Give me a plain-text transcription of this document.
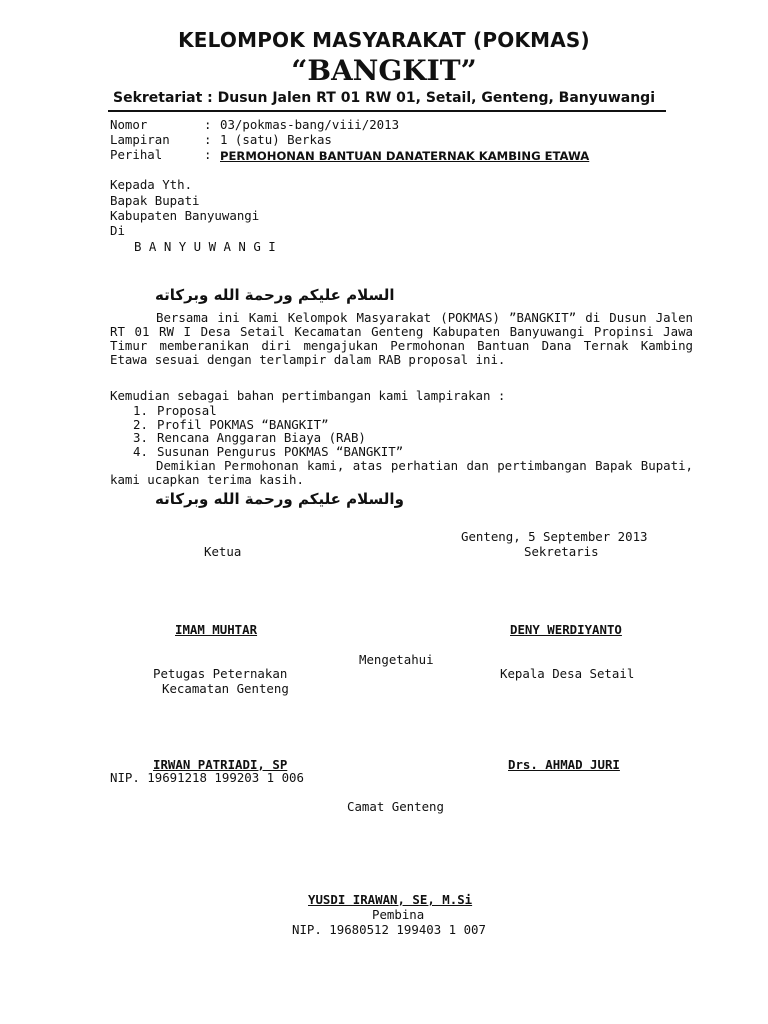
KELOMPOK MASYARAKAT (POKMAS)
“BANGKIT”
Sekretariat : Dusun Jalen RT 01 RW 01, Setail, Genteng, Banyuwangi
Nomor	: 03/pokmas-bang/viii/2013
Lampiran	: 1 (satu) Berkas
Perihal	: PERMOHONAN BANTUAN DANATERNAK KAMBING ETAWA
Kepada Yth.
Bapak Bupati
Kabupaten Banyuwangi
Di
B A N Y U W A N G I
السلام عليكم ورحمة الله وبركاته

Bersama ini Kami Kelompok Masyarakat (POKMAS) ”BANGKIT” di Dusun Jalen RT 01 RW I Desa Setail Kecamatan Genteng Kabupaten Banyuwangi Propinsi Jawa Timur memberanikan diri mengajukan Permohonan Bantuan Dana Ternak Kambing Etawa sesuai dengan terlampir dalam RAB proposal ini.

Kemudian sebagai bahan pertimbangan kami lampirakan :
1. Proposal
2. Profil POKMAS “BANGKIT”
3. Rencana Anggaran Biaya (RAB)
4. Susunan Pengurus POKMAS “BANGKIT”

Demikian Permohonan kami, atas perhatian dan pertimbangan Bapak Bupati, kami ucapkan terima kasih.

والسلام عليكم ورحمة الله وبركاته
Genteng, 5 September 2013
Ketua	Sekretaris
IMAM MUHTAR	DENY WERDIYANTO
Mengetahui
Petugas Peternakan
Kecamatan Genteng
Kepala Desa Setail
IRWAN PATRIADI, SP
NIP. 19691218 199203 1 006
Drs. AHMAD JURI
Camat Genteng
YUSDI IRAWAN, SE, M.Si
Pembina
NIP. 19680512 199403 1 007
